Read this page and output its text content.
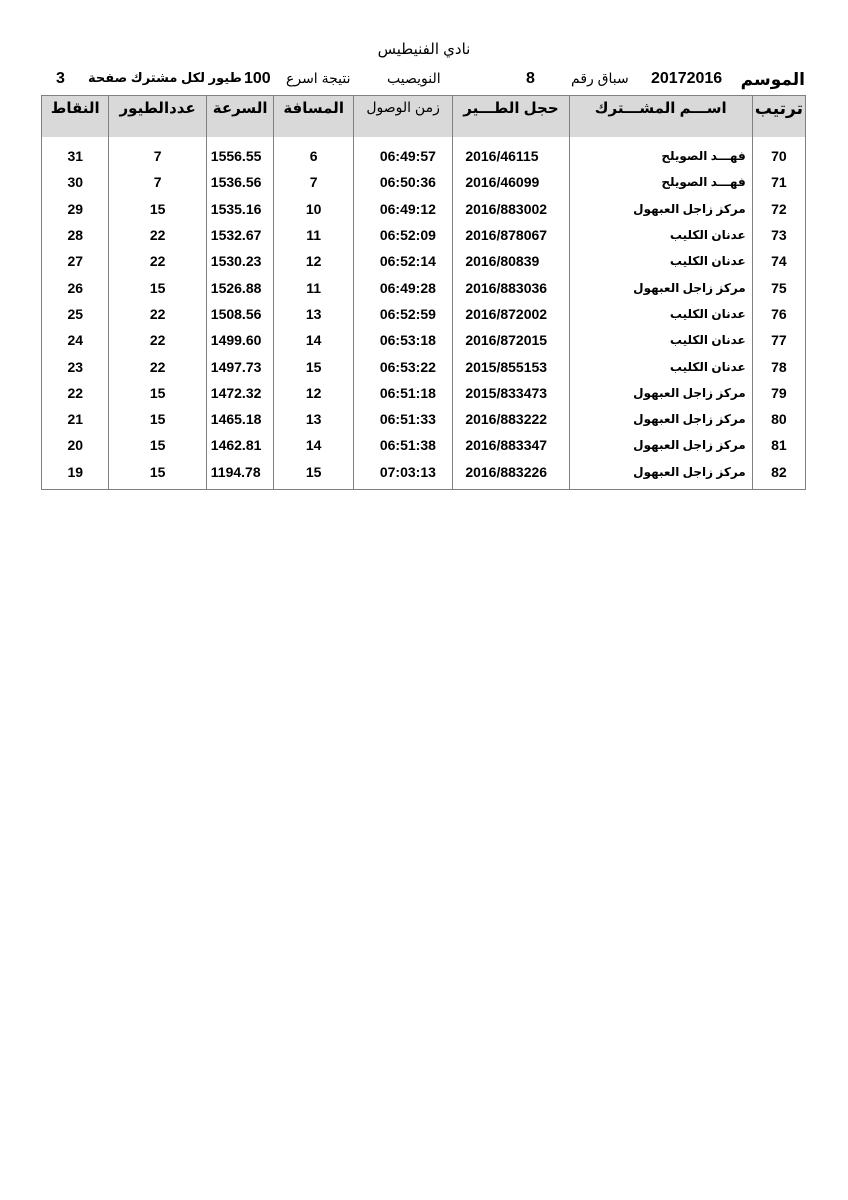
نادي الفنيطيس
الموسم
20172016
سباق رقم
8
النويصيب
نتيجة اسرع
100
طيور لكل مشترك صفحة
3
ترتيب	اســـم المشـــترك	حجل الطـــير	زمن الوصول	المسافة	السرعة	عددالطيور	النقاط

70	فهـــد الصويلح	2016/46115	06:49:57	6	1556.55	7	31
71	فهـــد الصويلح	2016/46099	06:50:36	7	1536.56	7	30
72	مركز زاجل العبهول	2016/883002	06:49:12	10	1535.16	15	29
73	عدنان الكليب	2016/878067	06:52:09	11	1532.67	22	28
74	عدنان الكليب	2016/80839	06:52:14	12	1530.23	22	27
75	مركز زاجل العبهول	2016/883036	06:49:28	11	1526.88	15	26
76	عدنان الكليب	2016/872002	06:52:59	13	1508.56	22	25
77	عدنان الكليب	2016/872015	06:53:18	14	1499.60	22	24
78	عدنان الكليب	2015/855153	06:53:22	15	1497.73	22	23
79	مركز زاجل العبهول	2015/833473	06:51:18	12	1472.32	15	22
80	مركز زاجل العبهول	2016/883222	06:51:33	13	1465.18	15	21
81	مركز زاجل العبهول	2016/883347	06:51:38	14	1462.81	15	20
82	مركز زاجل العبهول	2016/883226	07:03:13	15	1194.78	15	19
